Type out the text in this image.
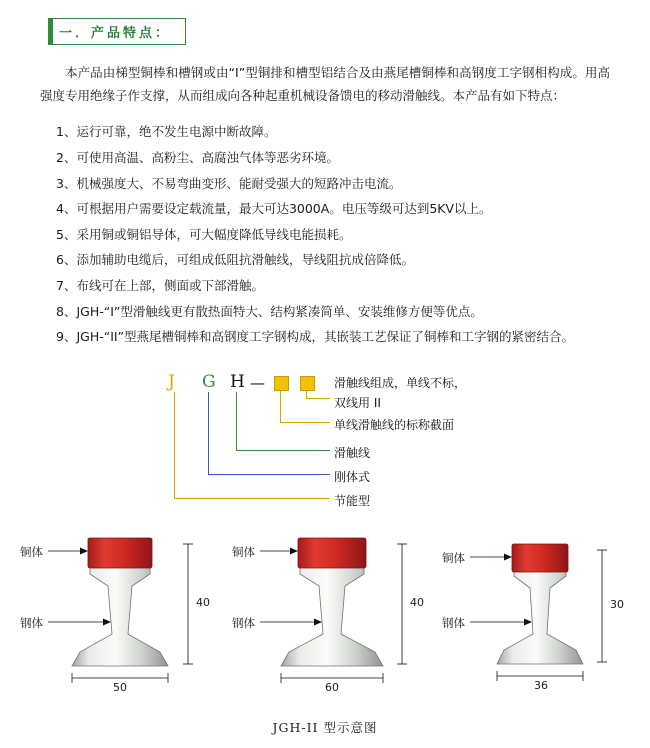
一．产品特点：

本产品由梯型铜棒和槽钢或由“I”型铜排和槽型铝结合及由燕尾槽铜棒和高钢度工字钢相构成。用高强度专用绝缘子作支撑，从而组成向各种起重机械设备馈电的移动滑触线。本产品有如下特点：

1、运行可靠，绝不发生电源中断故障。
2、可使用高温、高粉尘、高腐浊气体等恶劣环境。
3、机械强度大、不易弯曲变形、能耐受强大的短路冲击电流。
4、可根据用户需要设定载流量，最大可达3000A。电压等级可达到5KV以上。
5、采用铜或铜铝导体，可大幅度降低导线电能损耗。
6、添加辅助电缆后，可组成低阻抗滑触线，导线阻抗成倍降低。
7、布线可在上部，侧面或下部滑触。
8、JGH-“I”型滑触线更有散热面特大、结构紧凑简单、安装维修方便等优点。
9、JGH-“II”型燕尾槽铜棒和高钢度工字钢构成，其嵌装工艺保证了铜棒和工字钢的紧密结合。
J G H —	滑触线组成，单线不标，
双线用 II
单线滑触线的标称截面
滑触线
刚体式
节能型
铜体
钢体
40
50
铜体
钢体
40
60
铜体
钢体
30
36
JGH-II 型示意图
